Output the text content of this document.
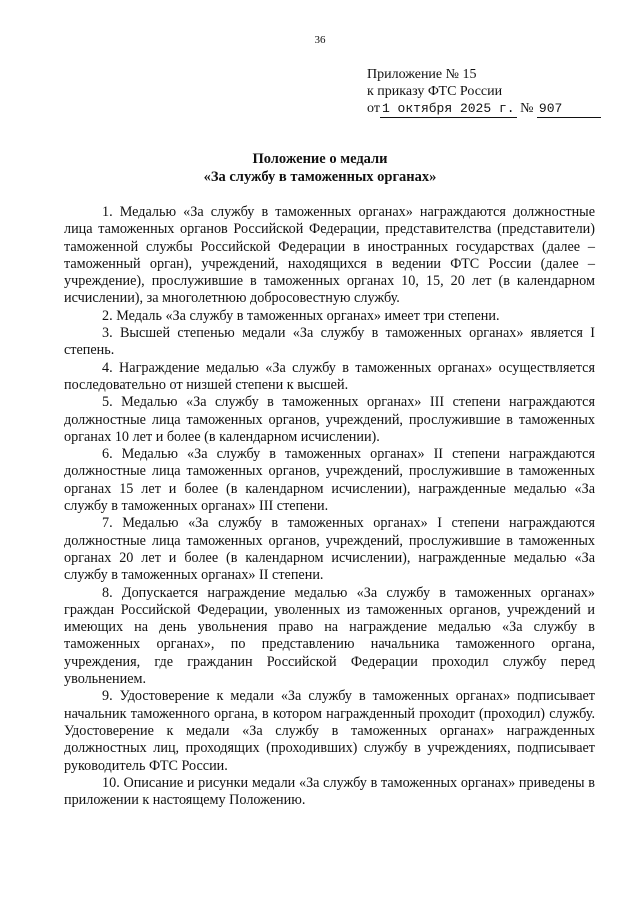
36
Приложение № 15
к приказу ФТС России
от 1 октября 2025 г. № 907
Положение о медали
«За службу в таможенных органах»

1. Медалью «За службу в таможенных органах» награждаются должностные лица таможенных органов Российской Федерации, представителства (представители) таможенной службы Российской Федерации в иностранных государствах (далее – таможенный орган), учреждений, находящихся в ведении ФТС России (далее – учреждение), прослужившие в таможенных органах 10, 15, 20 лет (в календарном исчислении), за многолетнюю добросовестную службу.

2. Медаль «За службу в таможенных органах» имеет три степени.

3. Высшей степенью медали «За службу в таможенных органах» является I степень.

4. Награждение медалью «За службу в таможенных органах» осуществляется последовательно от низшей степени к высшей.

5. Медалью «За службу в таможенных органах» III степени награждаются должностные лица таможенных органов, учреждений, прослужившие в таможенных органах 10 лет и более (в календарном исчислении).

6. Медалью «За службу в таможенных органах» II степени награждаются должностные лица таможенных органов, учреждений, прослужившие в таможенных органах 15 лет и более (в календарном исчислении), награжденные медалью «За службу в таможенных органах» III степени.

7. Медалью «За службу в таможенных органах» I степени награждаются должностные лица таможенных органов, учреждений, прослужившие в таможенных органах 20 лет и более (в календарном исчислении), награжденные медалью «За службу в таможенных органах» II степени.

8. Допускается награждение медалью «За службу в таможенных органах» граждан Российской Федерации, уволенных из таможенных органов, учреждений и имеющих на день увольнения право на награждение медалью «За службу в таможенных органах», по представлению начальника таможенного органа, учреждения, где гражданин Российской Федерации проходил службу перед увольнением.

9. Удостоверение к медали «За службу в таможенных органах» подписывает начальник таможенного органа, в котором награжденный проходит (проходил) службу. Удостоверение к медали «За службу в таможенных органах» награжденных должностных лиц, проходящих (проходивших) службу в учреждениях, подписывает руководитель ФТС России.

10. Описание и рисунки медали «За службу в таможенных органах» приведены в приложении к настоящему Положению.
